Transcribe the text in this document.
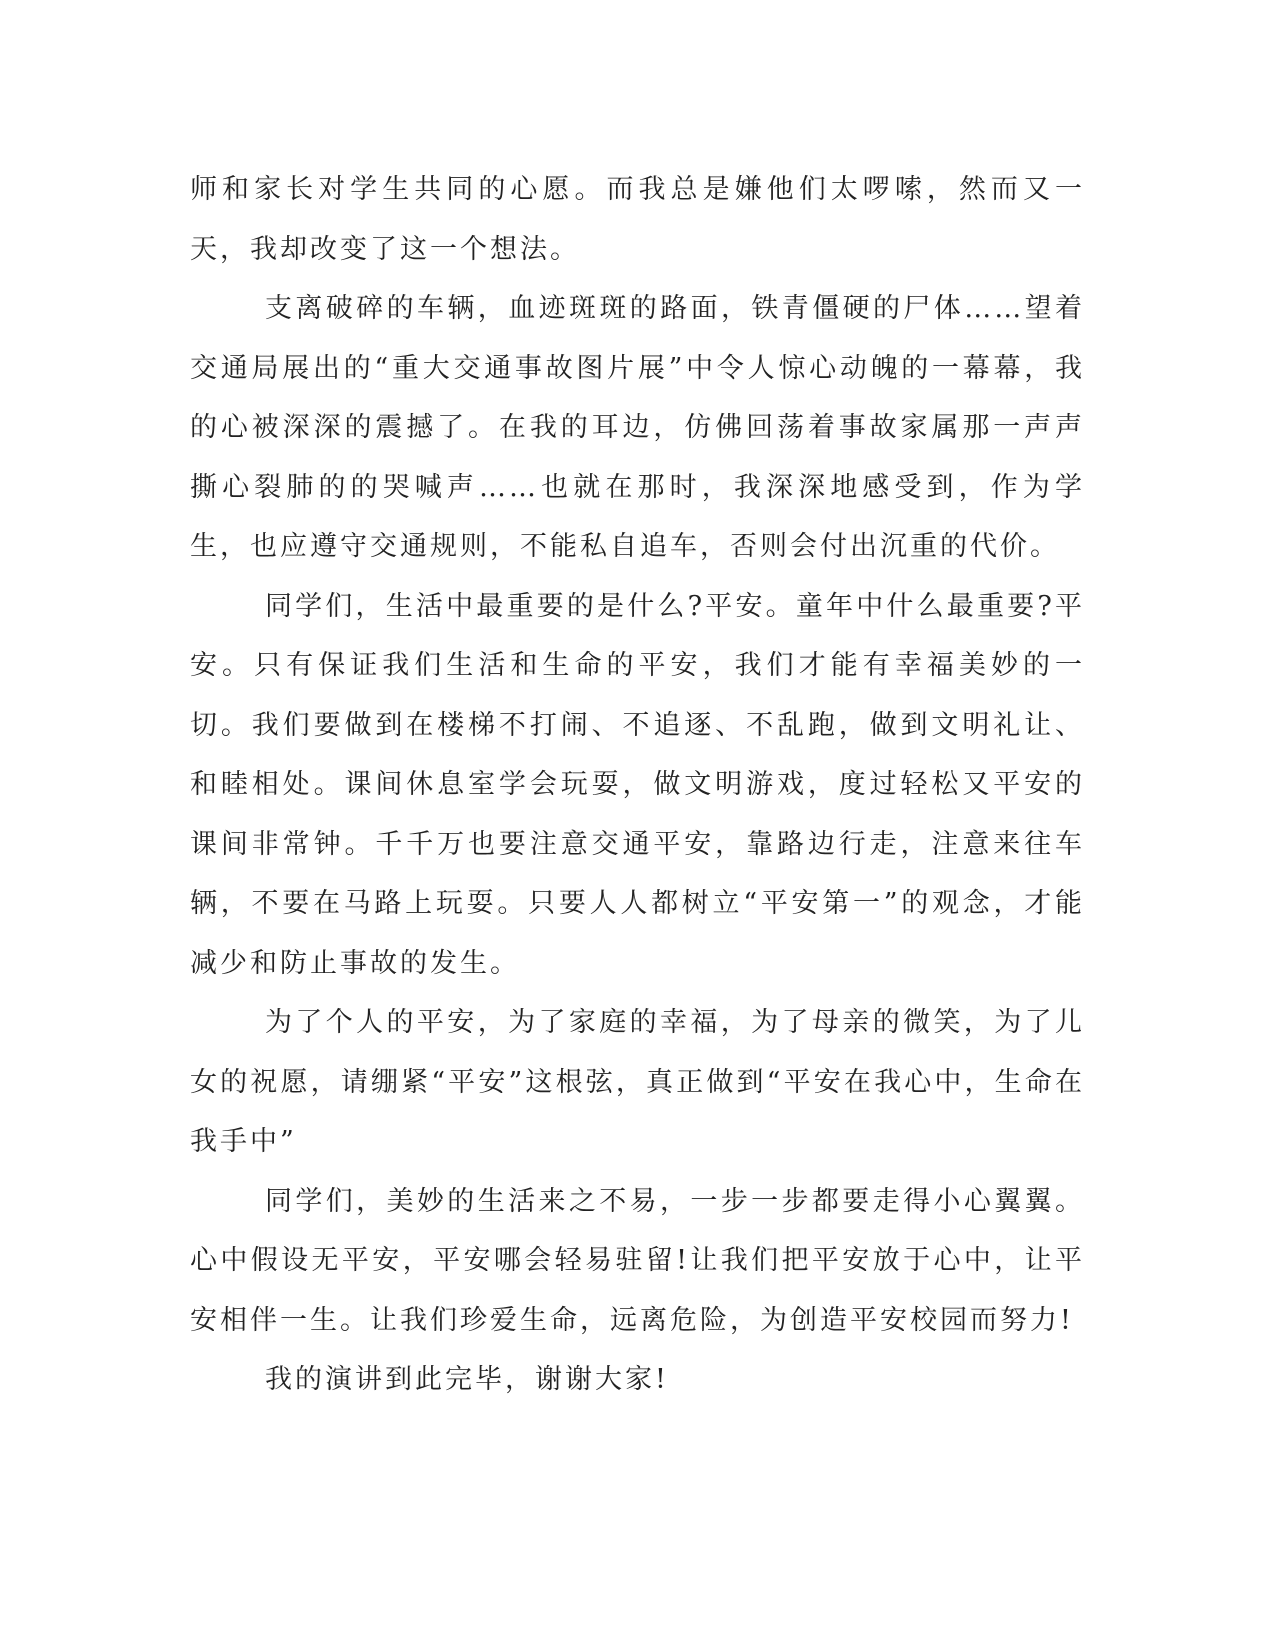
师和家长对学生共同的心愿。而我总是嫌他们太啰嗦，然而又一天，我却改变了这一个想法。

支离破碎的车辆，血迹斑斑的路面，铁青僵硬的尸体……望着交通局展出的“重大交通事故图片展”中令人惊心动魄的一幕幕，我的心被深深的震撼了。在我的耳边，仿佛回荡着事故家属那一声声撕心裂肺的的哭喊声……也就在那时，我深深地感受到，作为学生，也应遵守交通规则，不能私自追车，否则会付出沉重的代价。

同学们，生活中最重要的是什么?平安。童年中什么最重要?平安。只有保证我们生活和生命的平安，我们才能有幸福美妙的一切。我们要做到在楼梯不打闹、不追逐、不乱跑，做到文明礼让、和睦相处。课间休息室学会玩耍，做文明游戏，度过轻松又平安的课间非常钟。千千万也要注意交通平安，靠路边行走，注意来往车辆，不要在马路上玩耍。只要人人都树立“平安第一”的观念，才能减少和防止事故的发生。

为了个人的平安，为了家庭的幸福，为了母亲的微笑，为了儿女的祝愿，请绷紧“平安”这根弦，真正做到“平安在我心中，生命在我手中”

同学们，美妙的生活来之不易，一步一步都要走得小心翼翼。心中假设无平安，平安哪会轻易驻留!让我们把平安放于心中，让平安相伴一生。让我们珍爱生命，远离危险，为创造平安校园而努力!

我的演讲到此完毕，谢谢大家!
